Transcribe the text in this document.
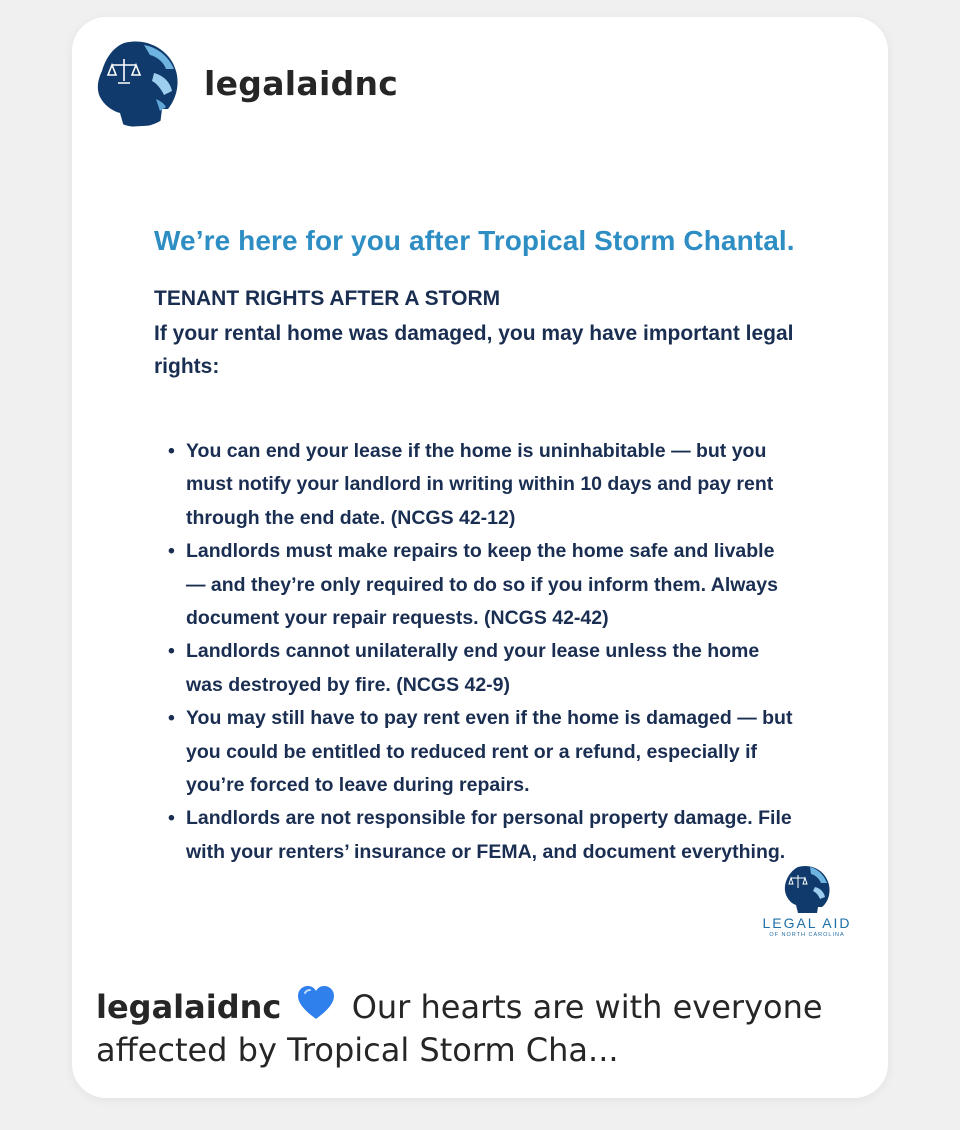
legalaidnc
We’re here for you after Tropical Storm Chantal.
TENANT RIGHTS AFTER A STORM

If your rental home was damaged, you may have important legal rights:

• You can end your lease if the home is uninhabitable — but you must notify your landlord in writing within 10 days and pay rent through the end date. (NCGS 42-12)
• Landlords must make repairs to keep the home safe and livable — and they’re only required to do so if you inform them. Always document your repair requests. (NCGS 42-42)
• Landlords cannot unilaterally end your lease unless the home was destroyed by fire. (NCGS 42-9)
• You may still have to pay rent even if the home is damaged — but you could be entitled to reduced rent or a refund, especially if you’re forced to leave during repairs.
• Landlords are not responsible for personal property damage. File with your renters’ insurance or FEMA, and document everything.
LEGAL AID
OF NORTH CAROLINA
legalaidnc Our hearts are with everyone affected by Tropical Storm Cha...
